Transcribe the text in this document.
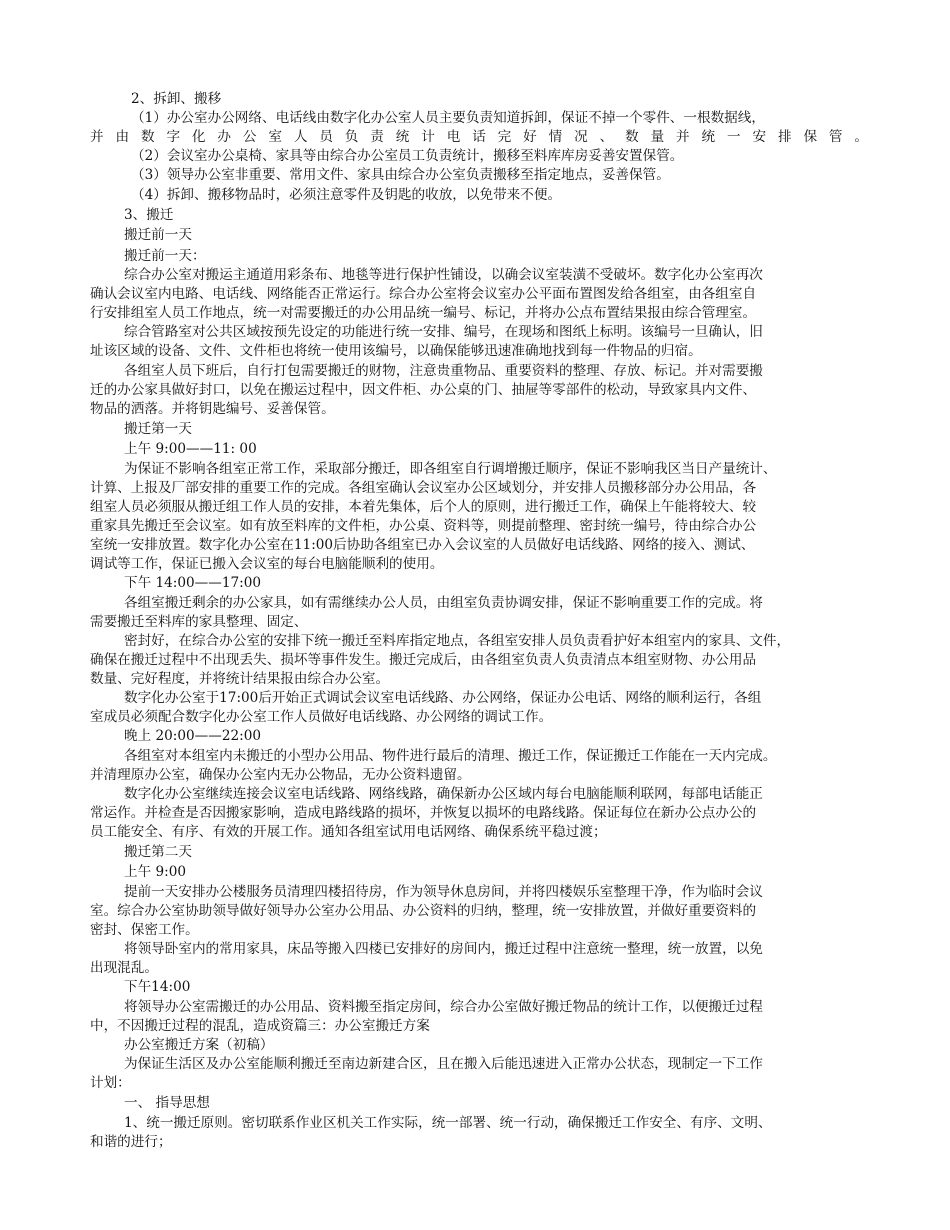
2、拆卸、搬移
（1）办公室办公网络、电话线由数字化办公室人员主要负责知道拆卸，保证不掉一个零件、一根数据线，
并由数字化办公室人员负责统计电话完好情况、数量并统一安排保管。
（2）会议室办公桌椅、家具等由综合办公室员工负责统计，搬移至料库库房妥善安置保管。
（3）领导办公室非重要、常用文件、家具由综合办公室负责搬移至指定地点，妥善保管。
（4）拆卸、搬移物品时，必须注意零件及钥匙的收放，以免带来不便。
3、搬迁
搬迁前一天
搬迁前一天：
综合办公室对搬运主通道用彩条布、地毯等进行保护性铺设，以确会议室装潢不受破坏。数字化办公室再次
确认会议室内电路、电话线、网络能否正常运行。综合办公室将会议室办公平面布置图发给各组室，由各组室自
行安排组室人员工作地点，统一对需要搬迁的办公用品统一编号、标记，并将办公点布置结果报由综合管理室。
综合管路室对公共区域按预先设定的功能进行统一安排、编号，在现场和图纸上标明。该编号一旦确认，旧
址该区域的设备、文件、文件柜也将统一使用该编号，以确保能够迅速准确地找到每一件物品的归宿。
各组室人员下班后，自行打包需要搬迁的财物，注意贵重物品、重要资料的整理、存放、标记。并对需要搬
迁的办公家具做好封口，以免在搬运过程中，因文件柜、办公桌的门、抽屉等零部件的松动，导致家具内文件、
物品的洒落。并将钥匙编号、妥善保管。
搬迁第一天
上午 9:00——11: 00
为保证不影响各组室正常工作，采取部分搬迁，即各组室自行调增搬迁顺序，保证不影响我区当日产量统计、
计算、上报及厂部安排的重要工作的完成。各组室确认会议室办公区域划分，并安排人员搬移部分办公用品，各
组室人员必须服从搬迁组工作人员的安排，本着先集体，后个人的原则，进行搬迁工作，确保上午能将较大、较
重家具先搬迁至会议室。如有放至料库的文件柜，办公桌、资料等，则提前整理、密封统一编号，待由综合办公
室统一安排放置。数字化办公室在11:00后协助各组室已办入会议室的人员做好电话线路、网络的接入、测试、
调试等工作，保证已搬入会议室的每台电脑能顺利的使用。
下午 14:00——17:00
各组室搬迁剩余的办公家具，如有需继续办公人员，由组室负责协调安排，保证不影响重要工作的完成。将
需要搬迁至料库的家具整理、固定、
密封好，在综合办公室的安排下统一搬迁至料库指定地点，各组室安排人员负责看护好本组室内的家具、文件，
确保在搬迁过程中不出现丢失、损坏等事件发生。搬迁完成后，由各组室负责人负责清点本组室财物、办公用品
数量、完好程度，并将统计结果报由综合办公室。
数字化办公室于17:00后开始正式调试会议室电话线路、办公网络，保证办公电话、网络的顺利运行，各组
室成员必须配合数字化办公室工作人员做好电话线路、办公网络的调试工作。
晚上 20:00——22:00
各组室对本组室内未搬迁的小型办公用品、物件进行最后的清理、搬迁工作，保证搬迁工作能在一天内完成。
并清理原办公室，确保办公室内无办公物品，无办公资料遗留。
数字化办公室继续连接会议室电话线路、网络线路，确保新办公区域内每台电脑能顺利联网，每部电话能正
常运作。并检查是否因搬家影响，造成电路线路的损坏，并恢复以损坏的电路线路。保证每位在新办公点办公的
员工能安全、有序、有效的开展工作。通知各组室试用电话网络、确保系统平稳过渡；
搬迁第二天
上午 9:00
提前一天安排办公楼服务员清理四楼招待房，作为领导休息房间，并将四楼娱乐室整理干净，作为临时会议
室。综合办公室协助领导做好领导办公室办公用品、办公资料的归纳，整理，统一安排放置，并做好重要资料的
密封、保密工作。
将领导卧室内的常用家具，床品等搬入四楼已安排好的房间内，搬迁过程中注意统一整理，统一放置，以免
出现混乱。
下午14:00
将领导办公室需搬迁的办公用品、资料搬至指定房间，综合办公室做好搬迁物品的统计工作，以便搬迁过程
中，不因搬迁过程的混乱，造成资篇三：办公室搬迁方案
办公室搬迁方案（初稿）
为保证生活区及办公室能顺利搬迁至南边新建合区，且在搬入后能迅速进入正常办公状态，现制定一下工作
计划：
一、 指导思想
1、统一搬迁原则。密切联系作业区机关工作实际，统一部署、统一行动，确保搬迁工作安全、有序、文明、
和谐的进行；
